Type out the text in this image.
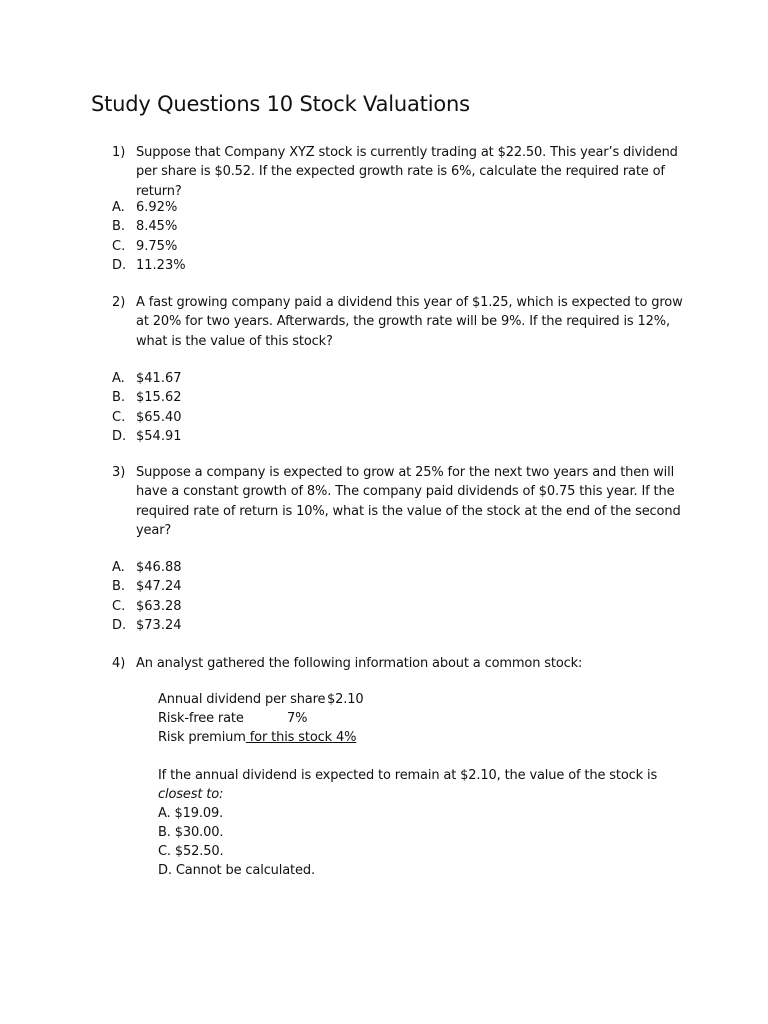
Study Questions 10 Stock Valuations
1) Suppose that Company XYZ stock is currently trading at $22.50. This year’s dividend per share is $0.52. If the expected growth rate is 6%, calculate the required rate of return?
A. 6.92%
B. 8.45%
C. 9.75%
D. 11.23%
2) A fast growing company paid a dividend this year of $1.25, which is expected to grow at 20% for two years. Afterwards, the growth rate will be 9%. If the required is 12%, what is the value of this stock?
A. $41.67
B. $15.62
C. $65.40
D. $54.91
3) Suppose a company is expected to grow at 25% for the next two years and then will have a constant growth of 8%. The company paid dividends of $0.75 this year. If the required rate of return is 10%, what is the value of the stock at the end of the second year?
A. $46.88
B. $47.24
C. $63.28
D. $73.24
4) An analyst gathered the following information about a common stock:
Annual dividend per share $2.10
Risk-free rate	7%
Risk premium for this stock 4%
If the annual dividend is expected to remain at $2.10, the value of the stock is closest to:
A. $19.09.
B. $30.00.
C. $52.50.
D. Cannot be calculated.
